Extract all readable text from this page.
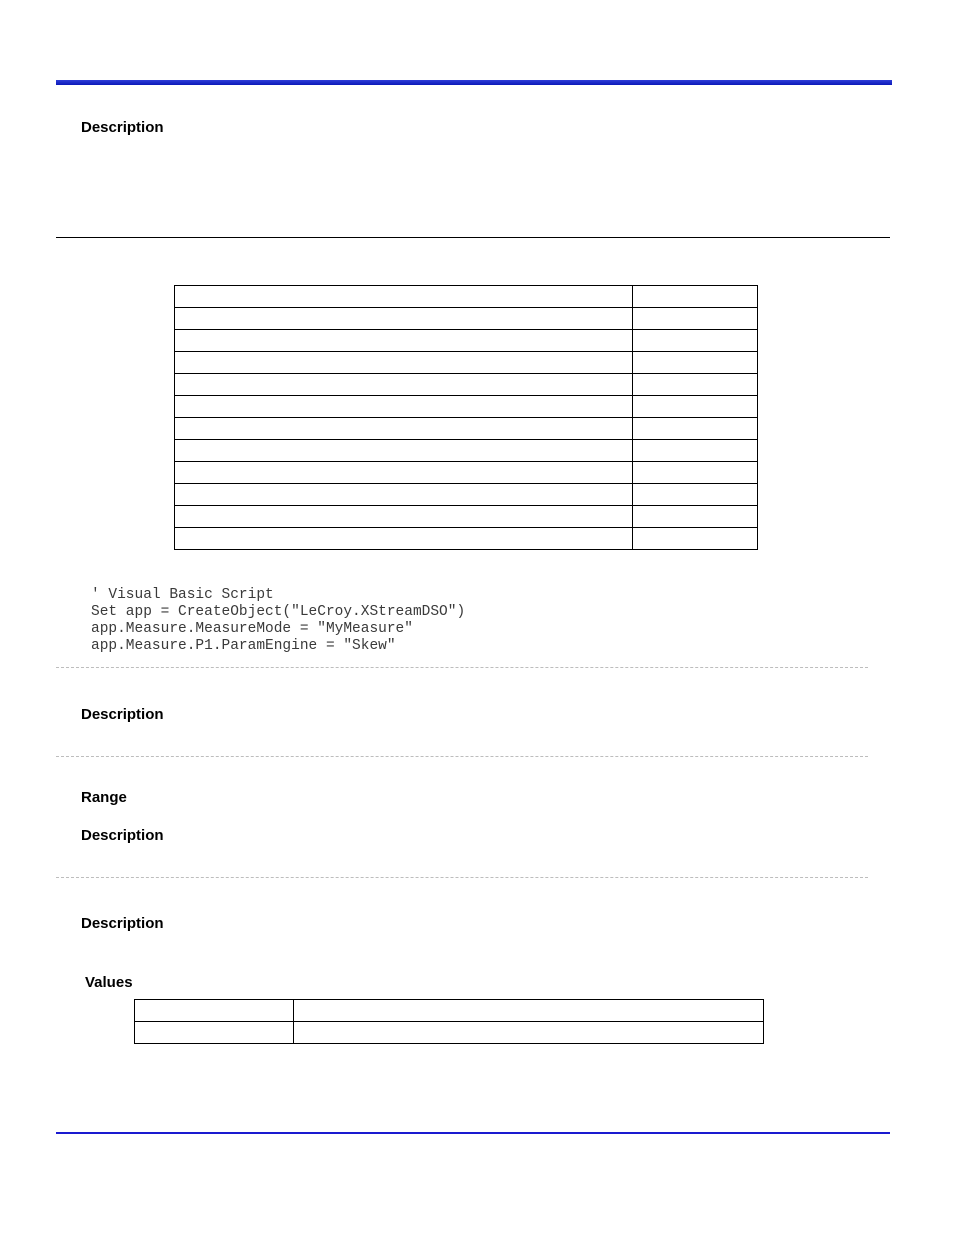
Description

' Visual Basic Script
Set app = CreateObject("LeCroy.XStreamDSO")
app.Measure.MeasureMode = "MyMeasure"
app.Measure.P1.ParamEngine = "Skew"
Description
Range
Description
Description
Values
